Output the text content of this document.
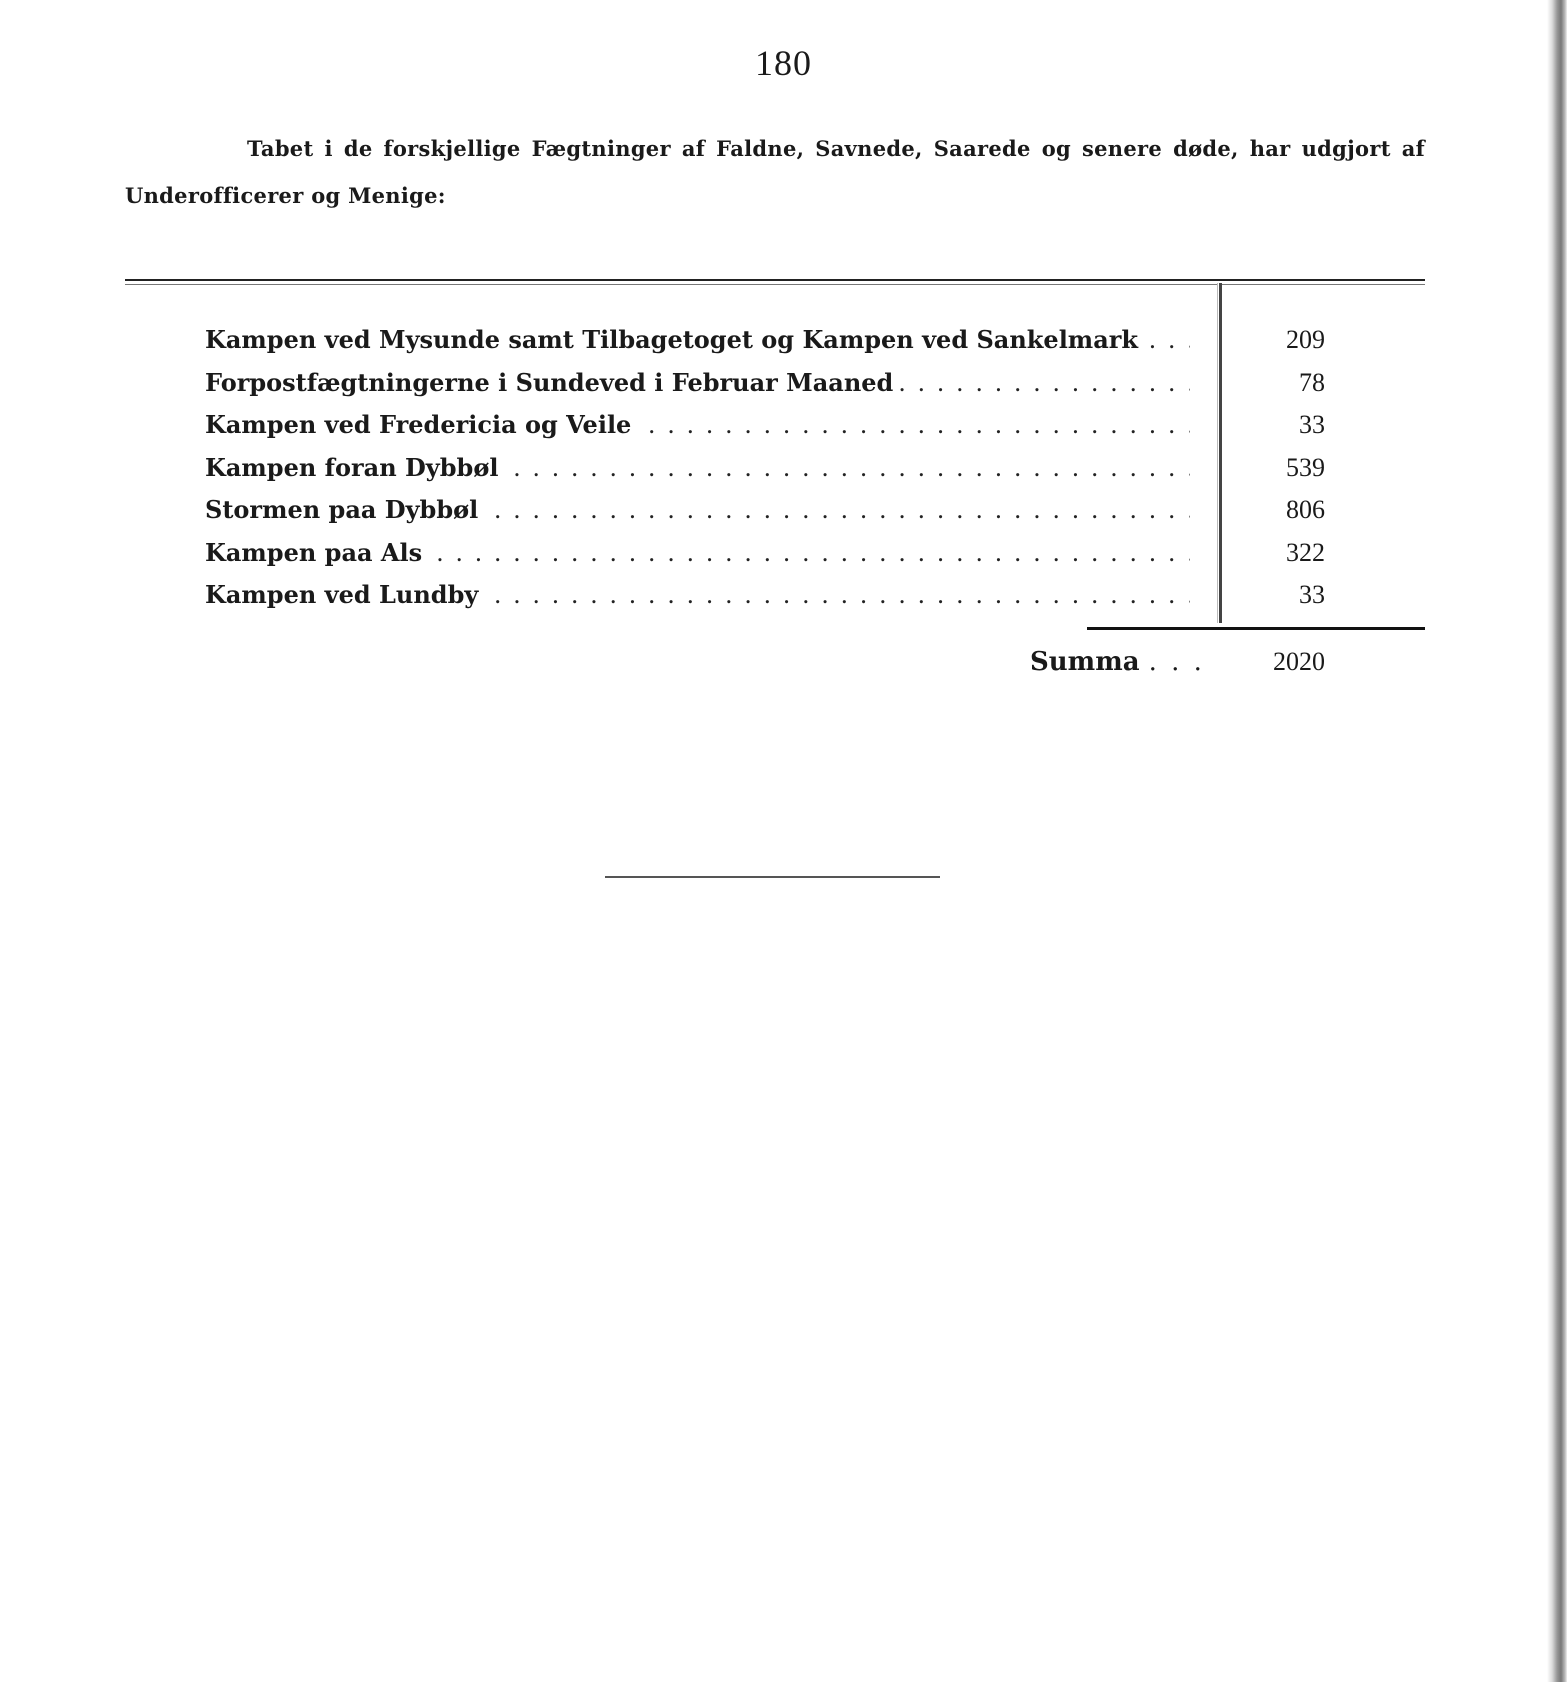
180
Tabet i de forskjellige Fægtninger af Faldne, Savnede, Saarede og senere døde, har udgjort af Underofficerer og Menige:
Kampen ved Mysunde samt Tilbagetoget og Kampen ved Sankelmark . . .	209
Forpostfægtningerne i Sundeved i Februar Maaned . . .	78
Kampen ved Fredericia og Veile . . .	33
Kampen foran Dybbøl . . .	539
Stormen paa Dybbøl . . .	806
Kampen paa Als . . .	322
Kampen ved Lundby . . .	33
Summa . . .	2020
